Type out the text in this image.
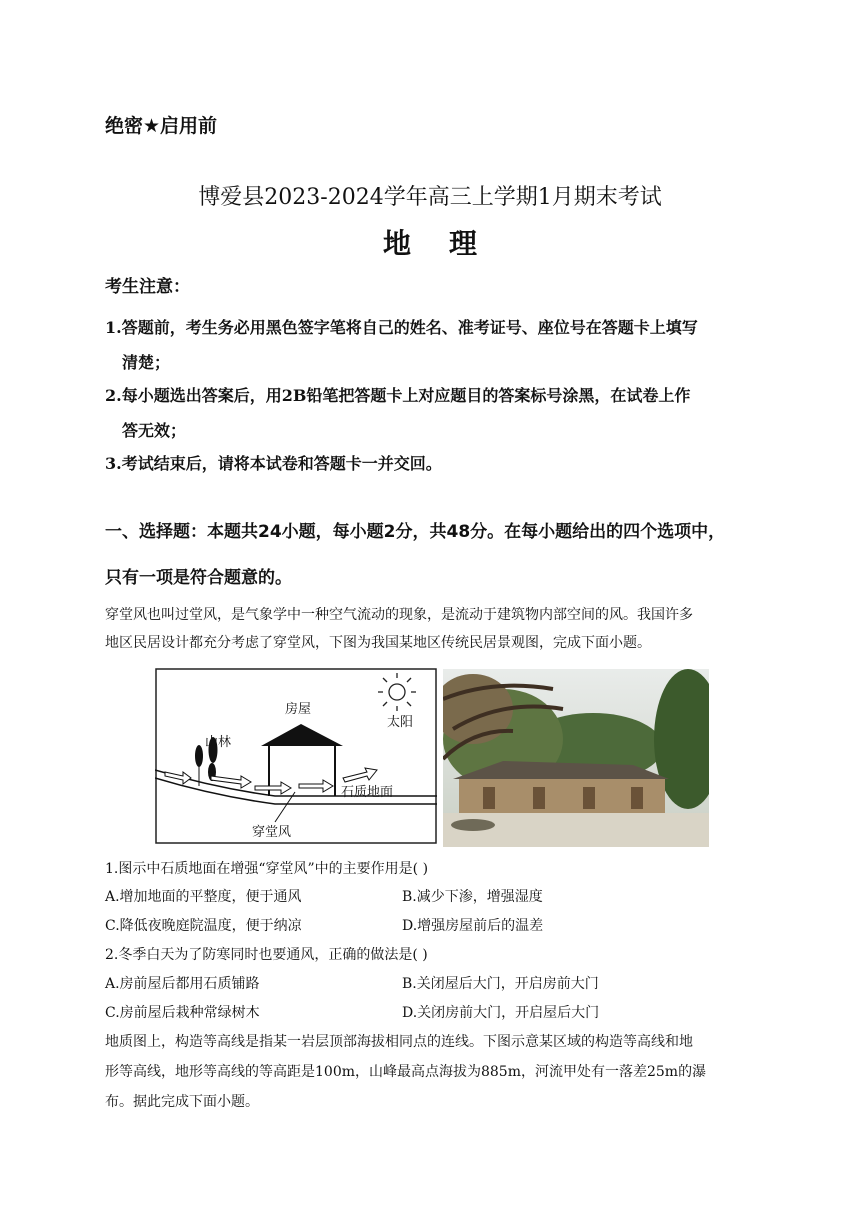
绝密★启用前
博爱县2023-2024学年高三上学期1月期末考试
地理
考生注意：
1.答题前，考生务必用黑色签字笔将自己的姓名、准考证号、座位号在答题卡上填写
清楚；
2.每小题选出答案后，用2B铅笔把答题卡上对应题目的答案标号涂黑，在试卷上作
答无效；
3.考试结束后，请将本试卷和答题卡一并交回。
一、选择题：本题共24小题，每小题2分，共48分。在每小题给出的四个选项中，
只有一项是符合题意的。
穿堂风也叫过堂风，是气象学中一种空气流动的现象，是流动于建筑物内部空间的风。我国许多
地区民居设计都充分考虑了穿堂风，下图为我国某地区传统民居景观图，完成下面小题。
太阳
山林
房屋
石质地面
穿堂风
1.图示中石质地面在增强“穿堂风”中的主要作用是( )
A.增加地面的平整度，便于通风	B.减少下渗，增强湿度
C.降低夜晚庭院温度，便于纳凉	D.增强房屋前后的温差
2.冬季白天为了防寒同时也要通风，正确的做法是( )
A.房前屋后都用石质铺路	B.关闭屋后大门，开启房前大门
C.房前屋后栽种常绿树木	D.关闭房前大门，开启屋后大门
地质图上，构造等高线是指某一岩层顶部海拔相同点的连线。下图示意某区域的构造等高线和地
形等高线，地形等高线的等高距是100m，山峰最高点海拔为885m，河流甲处有一落差25m的瀑
布。据此完成下面小题。
